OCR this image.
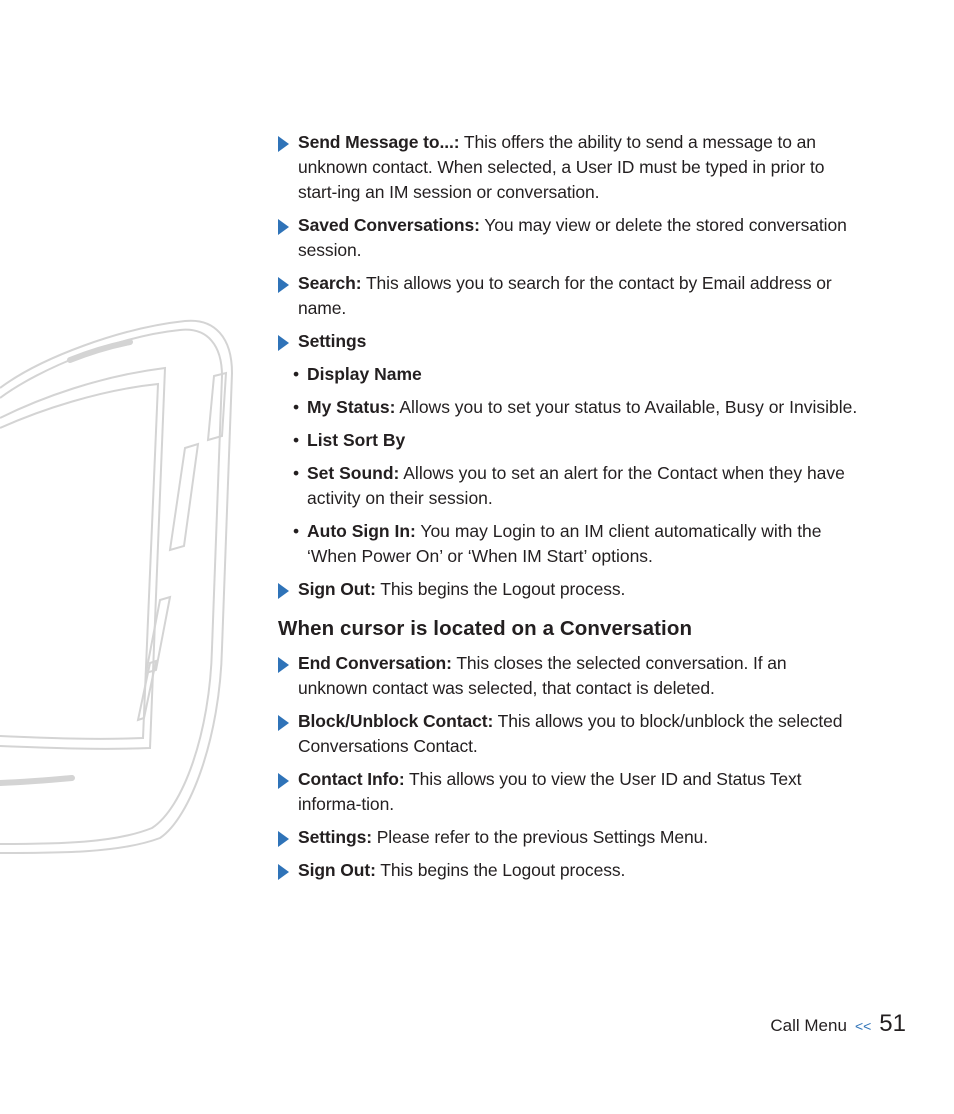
Send Message to...: This offers the ability to send a message to an unknown contact. When selected, a User ID must be typed in prior to start-ing an IM session or conversation.
Saved Conversations: You may view or delete the stored conversation session.
Search: This allows you to search for the contact by Email address or name.
Settings
• Display Name
• My Status: Allows you to set your status to Available, Busy or Invisible.
• List Sort By
• Set Sound: Allows you to set an alert for the Contact when they have activity on their session.
• Auto Sign In: You may Login to an IM client automatically with the ‘When Power On’ or ‘When IM Start’ options.
Sign Out: This begins the Logout process.
When cursor is located on a Conversation
End Conversation: This closes the selected conversation. If an unknown contact was selected, that contact is deleted.
Block/Unblock Contact: This allows you to block/unblock the selected Conversations Contact.
Contact Info: This allows you to view the User ID and Status Text informa-tion.
Settings: Please refer to the previous Settings Menu.
Sign Out: This begins the Logout process.
Call Menu << 51
